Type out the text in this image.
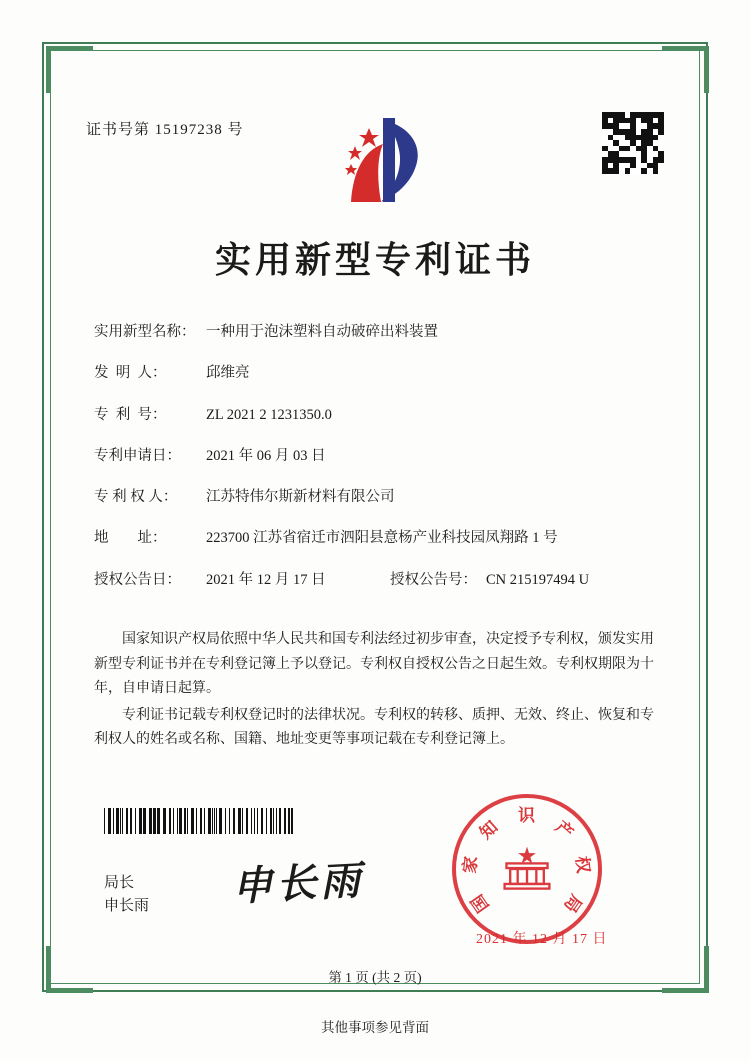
证书号第 15197238 号
实用新型专利证书
实用新型名称： 一种用于泡沫塑料自动破碎出料装置
发  明  人：	邱维亮
专  利  号：	ZL 2021 2 1231350.0
专利申请日：	2021 年 06 月 03 日
专 利 权 人：	江苏特伟尔斯新材料有限公司
地        址：	223700 江苏省宿迁市泗阳县意杨产业科技园凤翔路 1 号
授权公告日：	2021 年 12 月 17 日	授权公告号： CN 215197494 U

国家知识产权局依照中华人民共和国专利法经过初步审查，决定授予专利权，颁发实用新型专利证书并在专利登记簿上予以登记。专利权自授权公告之日起生效。专利权期限为十年，自申请日起算。

专利证书记载专利权登记时的法律状况。专利权的转移、质押、无效、终止、恢复和专利权人的姓名或名称、国籍、地址变更等事项记载在专利登记簿上。

局长
申长雨 申长雨	国
家
知
识
产
权
局
2021 年 12 月 17 日
第 1 页 (共 2 页)
其他事项参见背面
